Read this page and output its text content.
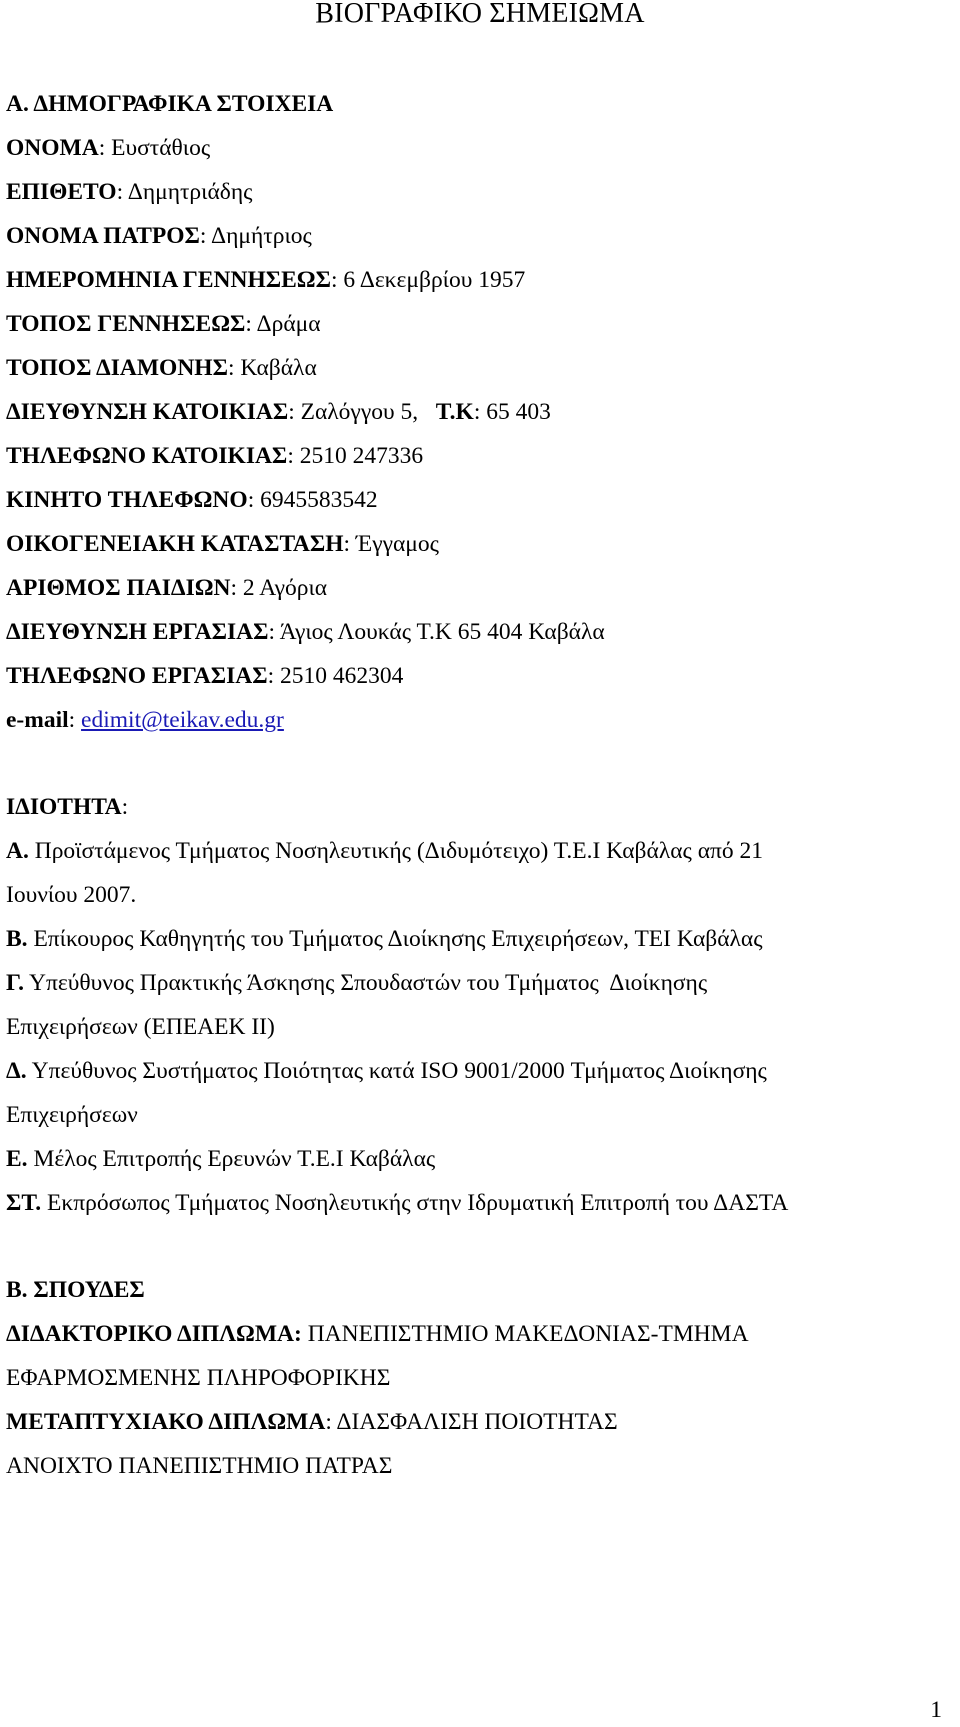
ΒΙΟΓΡΑΦΙΚΟ ΣΗΜΕΙΩΜΑ
Α. ΔΗΜΟΓΡΑΦΙΚΑ ΣΤΟΙΧΕΙΑ
ΟΝΟΜΑ: Ευστάθιος
ΕΠΙΘΕΤΟ: Δημητριάδης
ΟΝΟΜΑ ΠΑΤΡΟΣ: Δημήτριος
ΗΜΕΡΟΜΗΝΙΑ ΓΕΝΝΗΣΕΩΣ: 6 Δεκεμβρίου 1957
ΤΟΠΟΣ ΓΕΝΝΗΣΕΩΣ: Δράμα
ΤΟΠΟΣ ΔΙΑΜΟΝΗΣ: Καβάλα
ΔΙΕΥΘΥΝΣΗ ΚΑΤΟΙΚΙΑΣ: Ζαλόγγου 5,   Τ.Κ: 65 403
ΤΗΛΕΦΩΝΟ ΚΑΤΟΙΚΙΑΣ: 2510 247336
ΚΙΝΗΤΟ ΤΗΛΕΦΩΝΟ: 6945583542
ΟΙΚΟΓΕΝΕΙΑΚΗ ΚΑΤΑΣΤΑΣΗ: Έγγαμος
ΑΡΙΘΜΟΣ ΠΑΙΔΙΩΝ: 2 Αγόρια
ΔΙΕΥΘΥΝΣΗ ΕΡΓΑΣΙΑΣ: Άγιος Λουκάς Τ.Κ 65 404 Καβάλα
ΤΗΛΕΦΩΝΟ ΕΡΓΑΣΙΑΣ: 2510 462304
e-mail: edimit@teikav.edu.gr
ΙΔΙΟΤΗΤΑ:
Α. Προϊστάμενος Τμήματος Νοσηλευτικής (Διδυμότειχο) Τ.Ε.Ι Καβάλας από 21
Ιουνίου 2007.
Β. Επίκουρος Καθηγητής του Τμήματος Διοίκησης Επιχειρήσεων, ΤΕΙ Καβάλας
Γ. Υπεύθυνος Πρακτικής Άσκησης Σπουδαστών του Τμήματος  Διοίκησης
Επιχειρήσεων (ΕΠΕΑΕΚ ΙΙ)
Δ. Υπεύθυνος Συστήματος Ποιότητας κατά ISO 9001/2000 Τμήματος Διοίκησης
Επιχειρήσεων
Ε. Μέλος Επιτροπής Ερευνών Τ.Ε.Ι Καβάλας
ΣΤ. Εκπρόσωπος Τμήματος Νοσηλευτικής στην Ιδρυματική Επιτροπή του ΔΑΣΤΑ
Β. ΣΠΟΥΔΕΣ
ΔΙΔΑΚΤΟΡΙΚΟ ΔΙΠΛΩΜΑ: ΠΑΝΕΠΙΣΤΗΜΙΟ ΜΑΚΕΔΟΝΙΑΣ-ΤΜΗΜΑ
ΕΦΑΡΜΟΣΜΕΝΗΣ ΠΛΗΡΟΦΟΡΙΚΗΣ
ΜΕΤΑΠΤΥΧΙΑΚΟ ΔΙΠΛΩΜΑ: ΔΙΑΣΦΑΛΙΣΗ ΠΟΙΟΤΗΤΑΣ
ΑΝΟΙΧΤΟ ΠΑΝΕΠΙΣΤΗΜΙΟ ΠΑΤΡΑΣ
1
